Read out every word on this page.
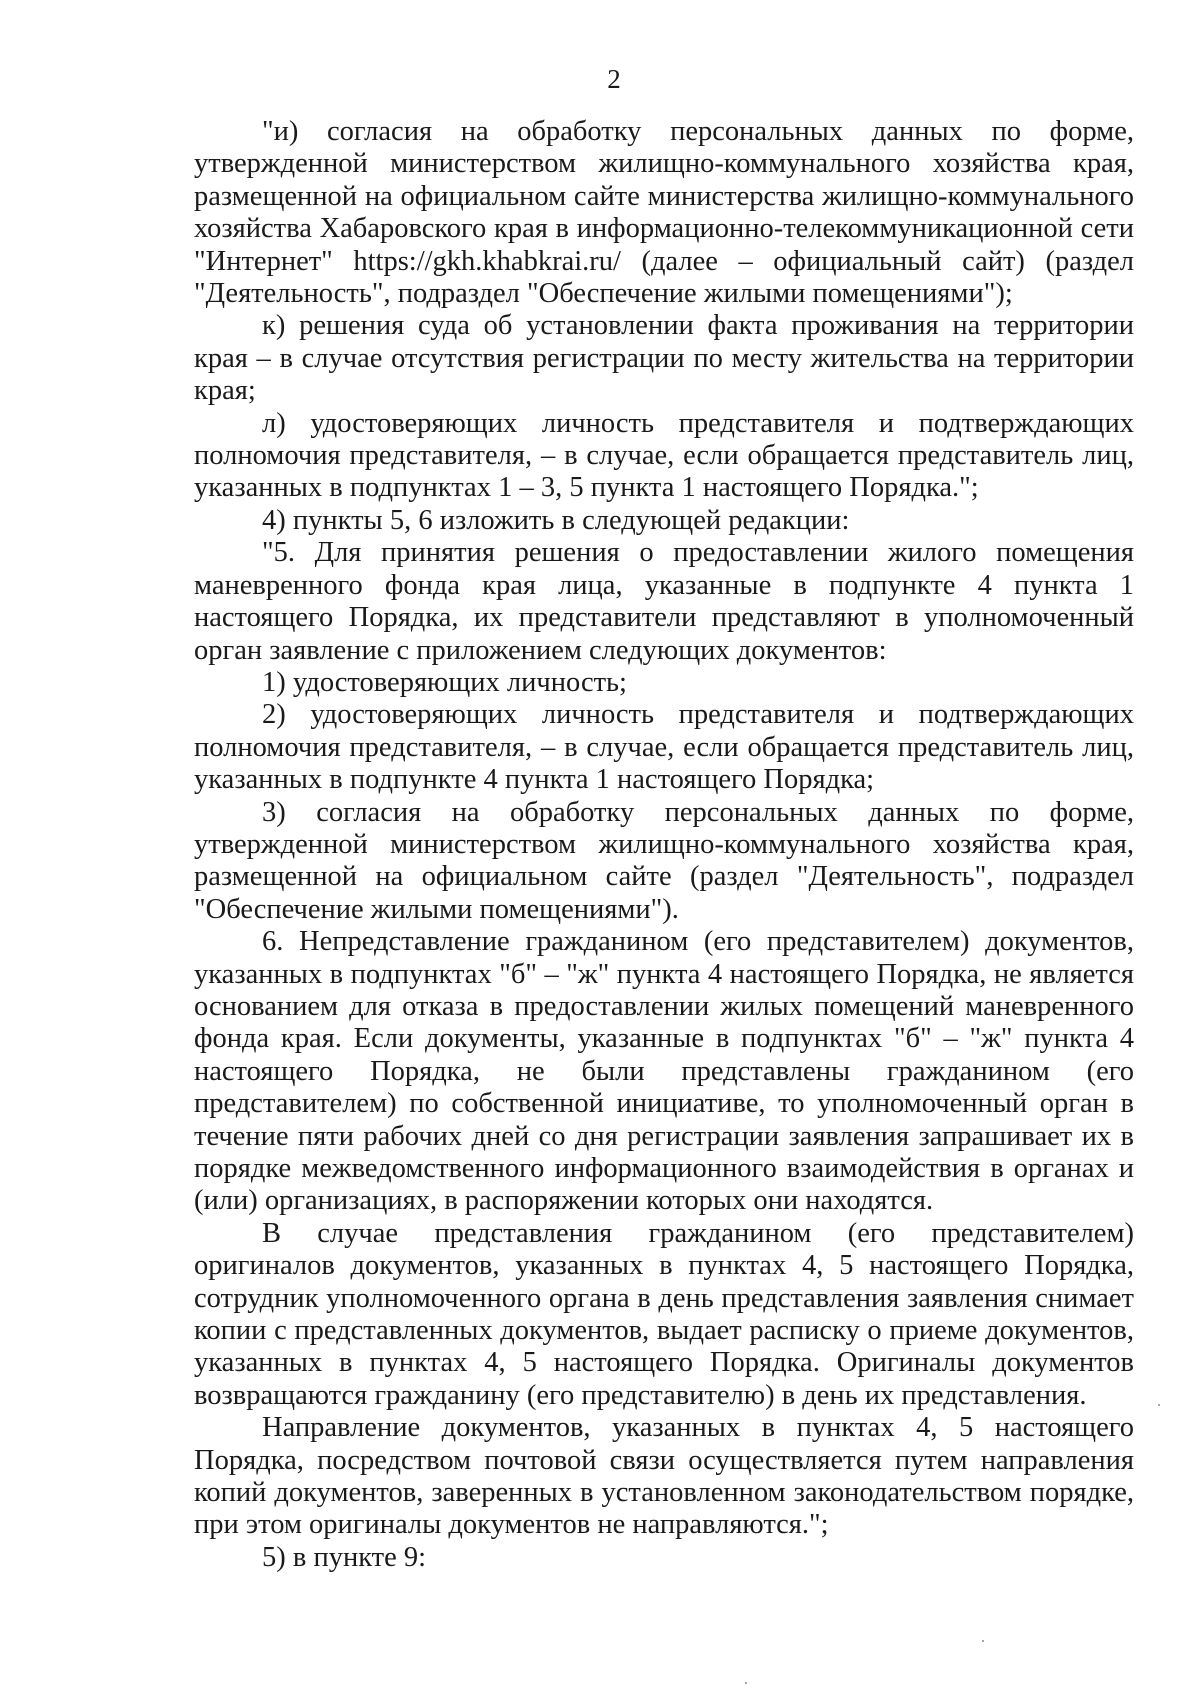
2

"и) согласия на обработку персональных данных по форме, утвержденной министерством жилищно-коммунального хозяйства края, размещенной на официальном сайте министерства жилищно-коммунального хозяйства Хабаровского края в информационно-телекоммуникационной сети "Интернет" https://gkh.khabkrai.ru/ (далее – официальный сайт) (раздел "Деятельность", подраздел "Обеспечение жилыми помещениями");

к) решения суда об установлении факта проживания на территории края – в случае отсутствия регистрации по месту жительства на территории края;

л) удостоверяющих личность представителя и подтверждающих полномочия представителя, – в случае, если обращается представитель лиц, указанных в подпунктах 1 – 3, 5 пункта 1 настоящего Порядка.";

4) пункты 5, 6 изложить в следующей редакции:

"5. Для принятия решения о предоставлении жилого помещения маневренного фонда края лица, указанные в подпункте 4 пункта 1 настоящего Порядка, их представители представляют в уполномоченный орган заявление с приложением следующих документов:

1) удостоверяющих личность;

2) удостоверяющих личность представителя и подтверждающих полномочия представителя, – в случае, если обращается представитель лиц, указанных в подпункте 4 пункта 1 настоящего Порядка;

3) согласия на обработку персональных данных по форме, утвержденной министерством жилищно-коммунального хозяйства края, размещенной на официальном сайте (раздел "Деятельность", подраздел "Обеспечение жилыми помещениями").

6. Непредставление гражданином (его представителем) документов, указанных в подпунктах "б" – "ж" пункта 4 настоящего Порядка, не является основанием для отказа в предоставлении жилых помещений маневренного фонда края. Если документы, указанные в подпунктах "б" – "ж" пункта 4 настоящего Порядка, не были представлены гражданином (его представителем) по собственной инициативе, то уполномоченный орган в течение пяти рабочих дней со дня регистрации заявления запрашивает их в порядке межведомственного информационного взаимодействия в органах и (или) организациях, в распоряжении которых они находятся.

В случае представления гражданином (его представителем) оригиналов документов, указанных в пунктах 4, 5 настоящего Порядка, сотрудник уполномоченного органа в день представления заявления снимает копии с представленных документов, выдает расписку о приеме документов, указанных в пунктах 4, 5 настоящего Порядка. Оригиналы документов возвращаются гражданину (его представителю) в день их представления.

Направление документов, указанных в пунктах 4, 5 настоящего Порядка, посредством почтовой связи осуществляется путем направления копий документов, заверенных в установленном законодательством порядке, при этом оригиналы документов не направляются.";

5) в пункте 9:
